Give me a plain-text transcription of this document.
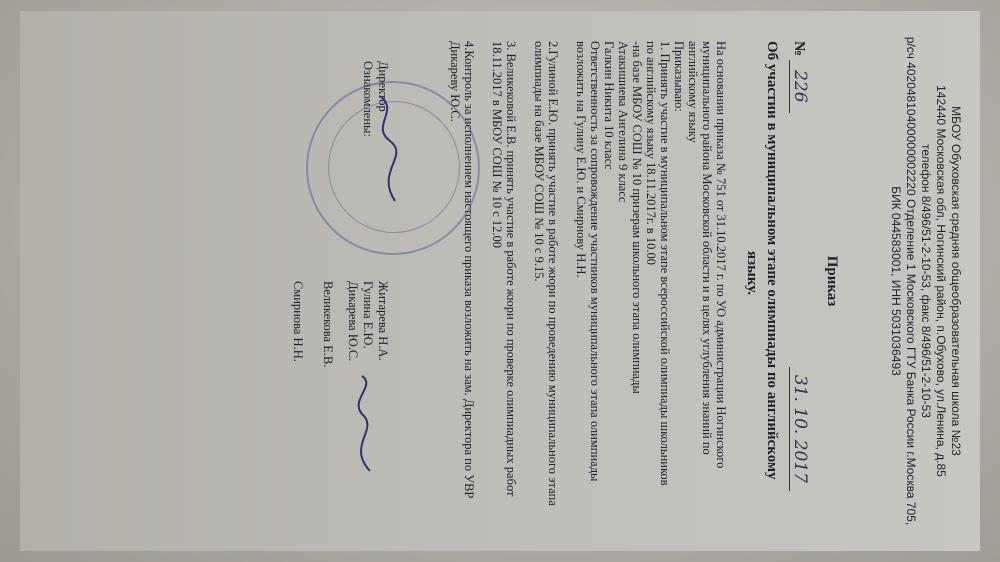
МБОУ Обуховская средняя общеобразовательная школа №23
142440 Московская обл, Ногинский район, п.Обухово, ул.Ленина, д.85
телефон 8/496/51-2-10-53, факс 8/496/51-2-10-53
р/сч 40204810400000002220 Отделение 1 Московского ГТУ Банка России г.Москва 705,
БИК 044583001, ИНН 5031036493
Приказ
№ 226
31. 10. 2017
Об участии в муниципальном этапе олимпиады по английскому
языку.
На основании приказа № 751 от 31.10.2017 г. по УО администрации Ногинского
муниципального района Московской области и в целях углубления знаний по
английскому языку
Приказываю:
1. Принять участие в муниципальном этапе всероссийской олимпиады школьников
по английскому языку 18.11.2017г. в 10.00
-на базе МБОУ СОШ № 10 призерам школьного этапа олимпиады
Атакишиева Ангелина 9 класс
Галкин Никита 10 класс
Ответственность за сопровождение участников муниципального этапа олимпиады
возложить на Гулину Е.Ю. и Смирнову Н.Н.
2.Гулиной Е.Ю. принять участие в работе жюри по проведению муниципального этапа
олимпиады на базе МБОУ СОШ № 10 с 9.15.
3. Великековой Е.В. принять участие в работе жюри по проверке олимпиадных работ
18.11.2017 в МБОУ СОШ № 10 с 12.00
4.Контроль за исполнением настоящего приказа возложить на зам. Директора по УВР
Дикареву Ю.С.
Директор
Житарева Н.А.
Ознакомлены:
Гулина Е.Ю.
Дикарева Ю.С.
Великекова Е.В.
Смирнова Н.Н.
